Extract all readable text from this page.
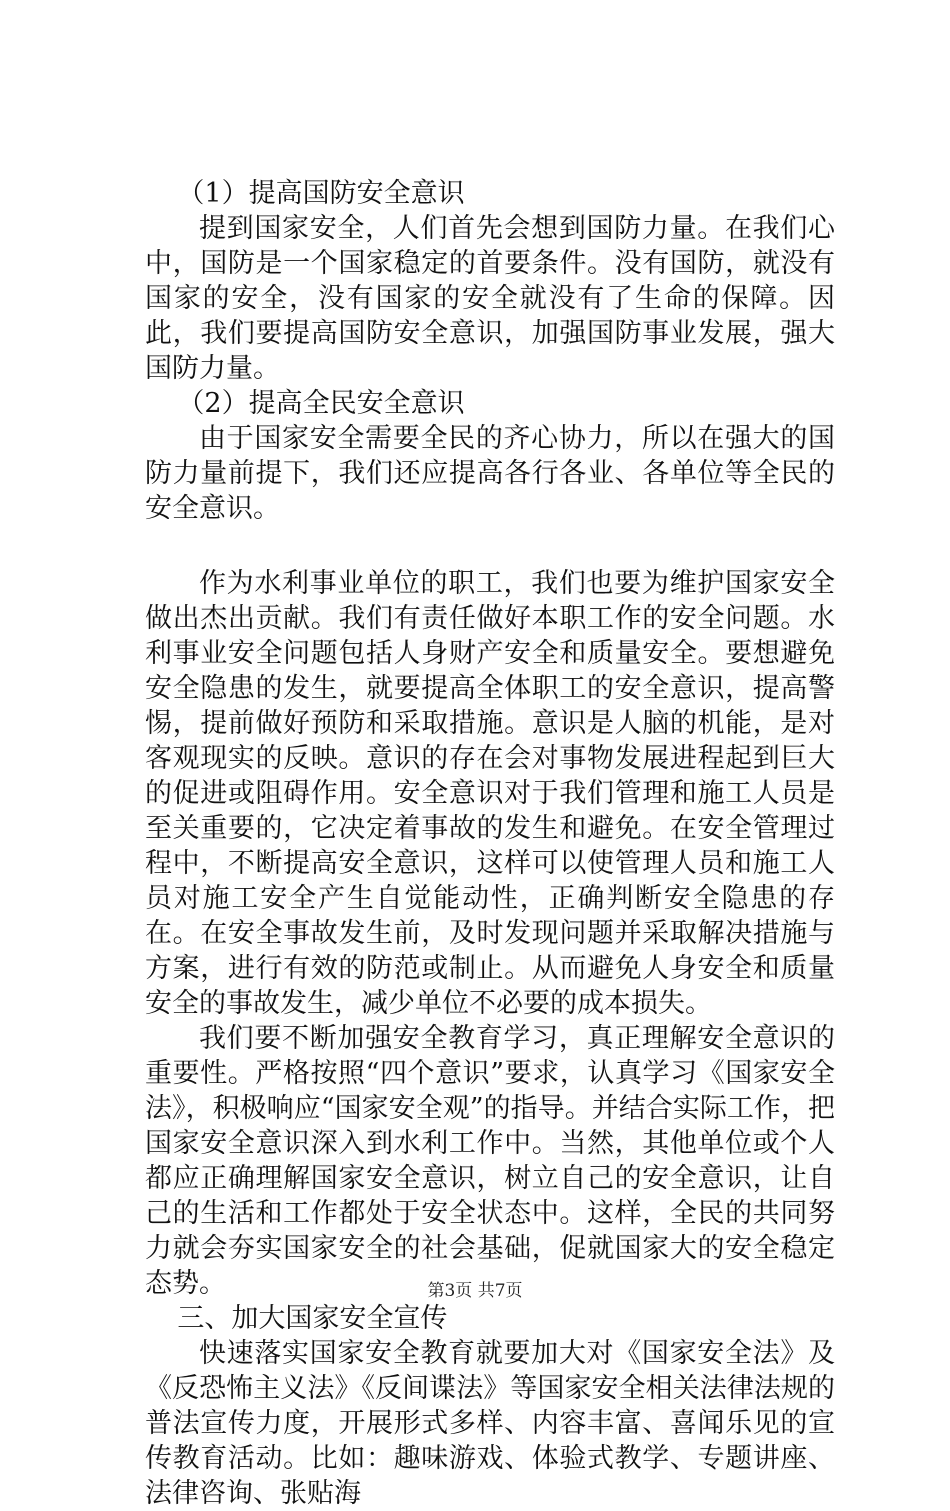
（1）提高国防安全意识

提到国家安全，人们首先会想到国防力量。在我们心中，国防是一个国家稳定的首要条件。没有国防，就没有国家的安全，没有国家的安全就没有了生命的保障。因此，我们要提高国防安全意识，加强国防事业发展，强大国防力量。

（2）提高全民安全意识

由于国家安全需要全民的齐心协力，所以在强大的国防力量前提下，我们还应提高各行各业、各单位等全民的安全意识。

作为水利事业单位的职工，我们也要为维护国家安全做出杰出贡献。我们有责任做好本职工作的安全问题。水利事业安全问题包括人身财产安全和质量安全。要想避免安全隐患的发生，就要提高全体职工的安全意识，提高警惕，提前做好预防和采取措施。意识是人脑的机能，是对客观现实的反映。意识的存在会对事物发展进程起到巨大的促进或阻碍作用。安全意识对于我们管理和施工人员是至关重要的，它决定着事故的发生和避免。在安全管理过程中，不断提高安全意识，这样可以使管理人员和施工人员对施工安全产生自觉能动性，正确判断安全隐患的存在。在安全事故发生前，及时发现问题并采取解决措施与方案，进行有效的防范或制止。从而避免人身安全和质量安全的事故发生，减少单位不必要的成本损失。

我们要不断加强安全教育学习，真正理解安全意识的重要性。严格按照“四个意识”要求，认真学习《国家安全法》，积极响应“国家安全观”的指导。并结合实际工作，把国家安全意识深入到水利工作中。当然，其他单位或个人都应正确理解国家安全意识，树立自己的安全意识，让自己的生活和工作都处于安全状态中。这样，全民的共同努力就会夯实国家安全的社会基础，促就国家大的安全稳定态势。

三、加大国家安全宣传

快速落实国家安全教育就要加大对《国家安全法》及《反恐怖主义法》《反间谍法》等国家安全相关法律法规的普法宣传力度，开展形式多样、内容丰富、喜闻乐见的宣传教育活动。比如：趣味游戏、体验式教学、专题讲座、法律咨询、张贴海

第3页 共7页
